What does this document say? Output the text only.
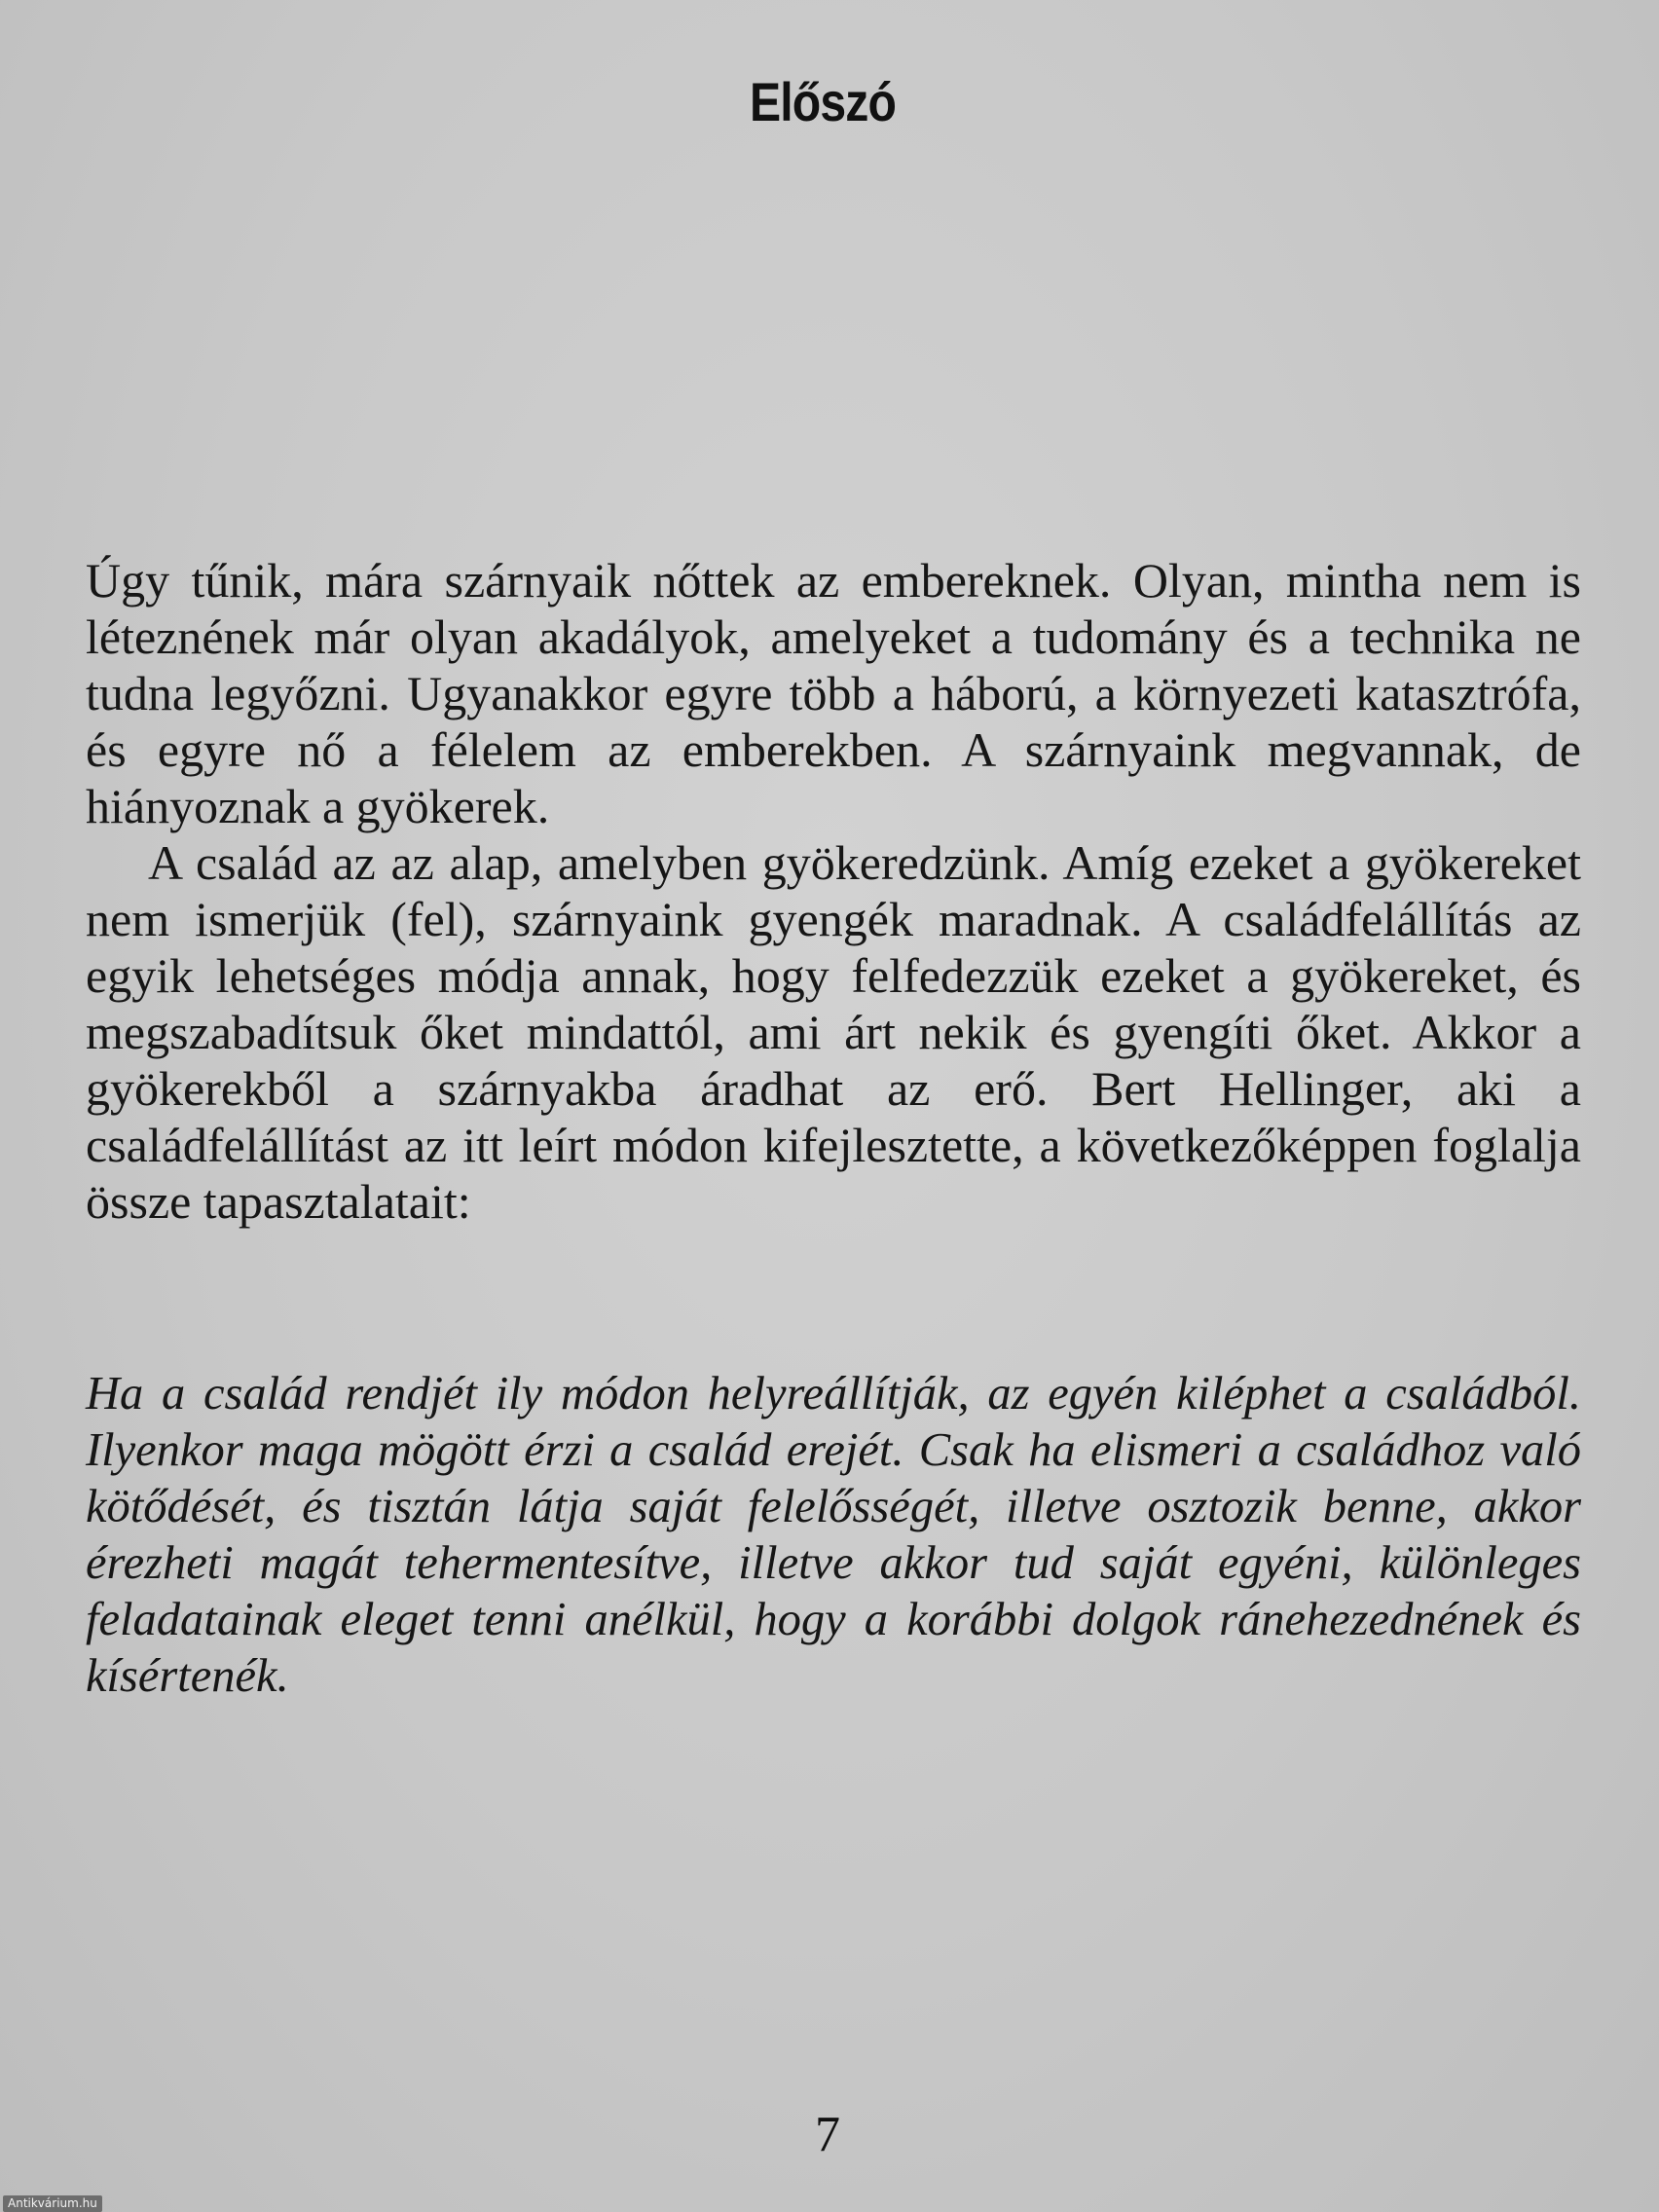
Előszó

Úgy tűnik, mára szárnyaik nőttek az embereknek. Olyan, mintha nem is léteznének már olyan akadályok, amelyeket a tudomány és a technika ne tudna legyőzni. Ugyanakkor egyre több a háború, a környezeti katasztrófa, és egyre nő a félelem az emberekben. A szárnyaink megvannak, de hiányoznak a gyökerek.

A család az az alap, amelyben gyökeredzünk. Amíg ezeket a gyökereket nem ismerjük (fel), szárnyaink gyengék maradnak. A családfelállítás az egyik lehetséges módja annak, hogy felfedezzük ezeket a gyökereket, és megszabadítsuk őket mindattól, ami árt nekik és gyengíti őket. Akkor a gyökerekből a szárnyakba áradhat az erő. Bert Hellinger, aki a családfelállítást az itt leírt módon kifejlesztette, a következőképpen foglalja össze tapasztalatait:

Ha a család rendjét ily módon helyreállítják, az egyén kiléphet a családból. Ilyenkor maga mögött érzi a család erejét. Csak ha elismeri a családhoz való kötődését, és tisztán látja saját felelősségét, illetve osztozik benne, akkor érezheti magát tehermentesítve, illetve akkor tud saját egyéni, különleges feladatainak eleget tenni anélkül, hogy a korábbi dolgok ránehezednének és kísértenék.

7
Antikvárium.hu
